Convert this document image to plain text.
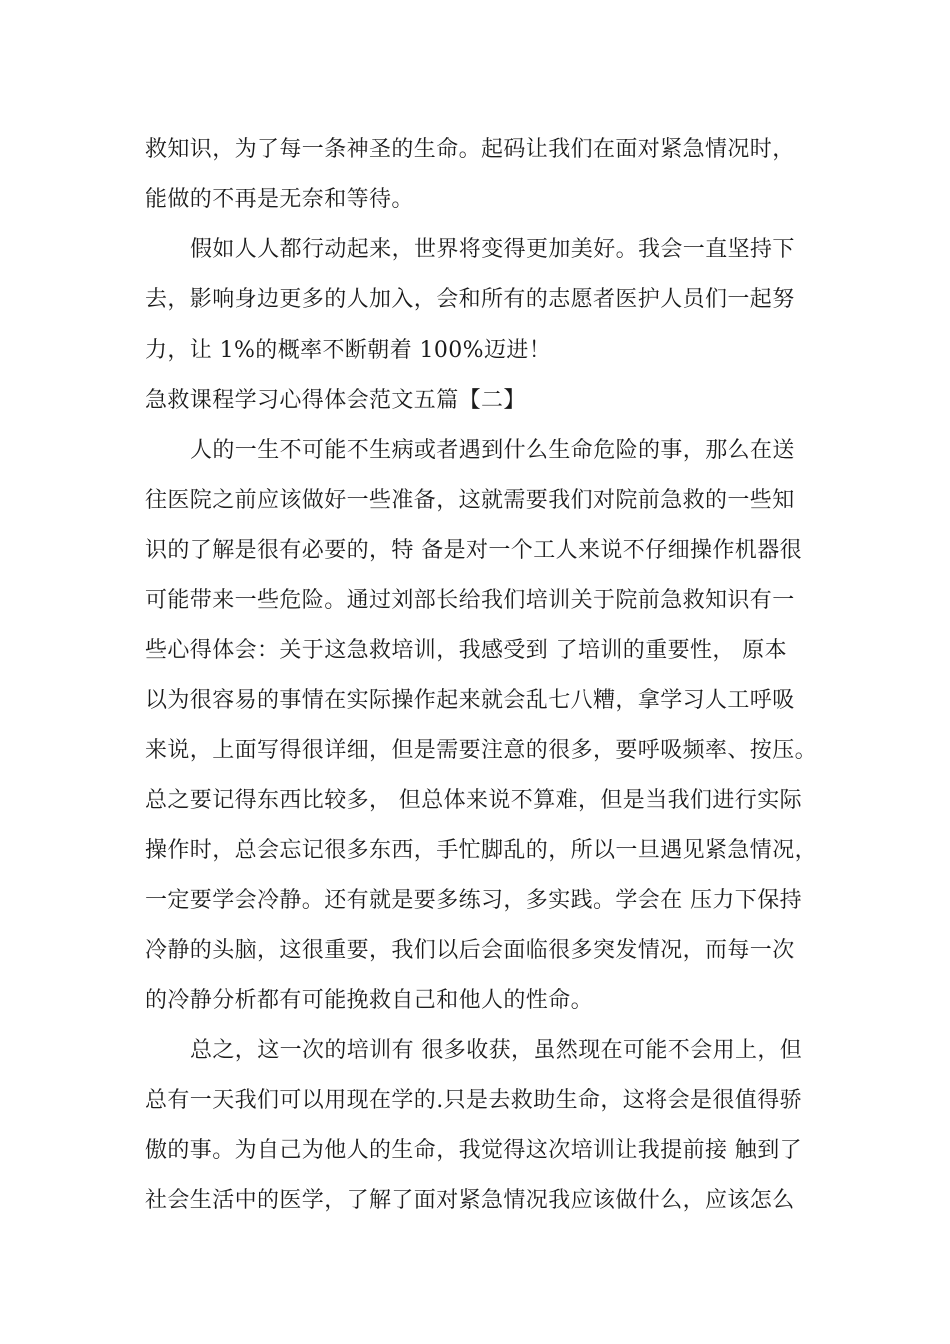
救知识，为了每一条神圣的生命。起码让我们在面对紧急情况时，
能做的不再是无奈和等待。
假如人人都行动起来，世界将变得更加美好。我会一直坚持下
去，影响身边更多的人加入，会和所有的志愿者医护人员们一起努
力，让 1%的概率不断朝着 100%迈进！
急救课程学习心得体会范文五篇【二】
人的一生不可能不生病或者遇到什么生命危险的事，那么在送
往医院之前应该做好一些准备，这就需要我们对院前急救的一些知
识的了解是很有必要的，特 备是对一个工人来说不仔细操作机器很
可能带来一些危险。通过刘部长给我们培训关于院前急救知识有一
些心得体会：关于这急救培训，我感受到 了培训的重要性， 原本
以为很容易的事情在实际操作起来就会乱七八糟，拿学习人工呼吸
来说，上面写得很详细，但是需要注意的很多，要呼吸频率、按压。
总之要记得东西比较多， 但总体来说不算难，但是当我们进行实际
操作时，总会忘记很多东西，手忙脚乱的，所以一旦遇见紧急情况，
一定要学会冷静。还有就是要多练习，多实践。学会在 压力下保持
冷静的头脑，这很重要，我们以后会面临很多突发情况，而每一次
的冷静分析都有可能挽救自己和他人的性命。
总之，这一次的培训有 很多收获，虽然现在可能不会用上，但
总有一天我们可以用现在学的.只是去救助生命，这将会是很值得骄
傲的事。为自己为他人的生命，我觉得这次培训让我提前接 触到了
社会生活中的医学，了解了面对紧急情况我应该做什么，应该怎么
